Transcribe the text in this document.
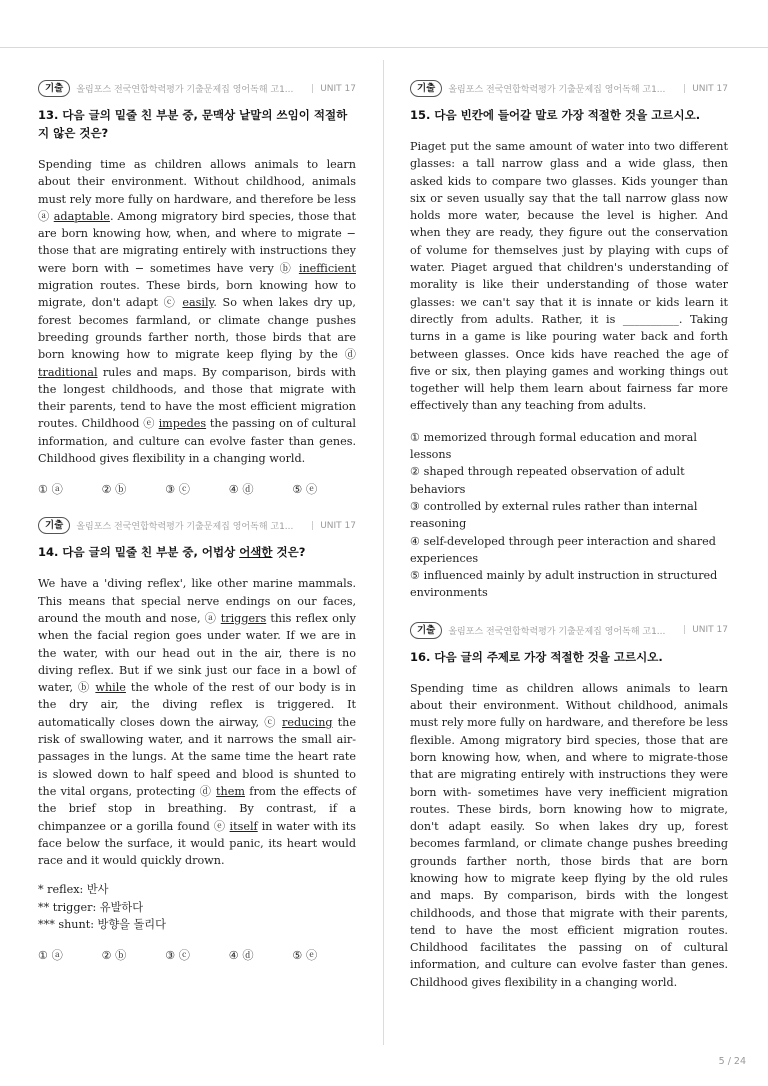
기출	올림포스 전국연합학력평가 기출문제집 영어독해 고1...	| UNIT 17
13. 다음 글의 밑줄 친 부분 중, 문맥상 낱말의 쓰임이 적절하지 않은 것은?

Spending time as children allows animals to learn about their environment. Without childhood, animals must rely more fully on hardware, and therefore be less ⓐ adaptable. Among migratory bird species, those that are born knowing how, when, and where to migrate − those that are migrating entirely with instructions they were born with − sometimes have very ⓑ inefficient migration routes. These birds, born knowing how to migrate, don't adapt ⓒ easily. So when lakes dry up, forest becomes farmland, or climate change pushes breeding grounds farther north, those birds that are born knowing how to migrate keep flying by the ⓓ traditional rules and maps. By comparison, birds with the longest childhoods, and those that migrate with their parents, tend to have the most efficient migration routes. Childhood ⓔ impedes the passing on of cultural information, and culture can evolve faster than genes. Childhood gives flexibility in a changing world.

① ⓐ	② ⓑ	③ ⓒ	④ ⓓ	⑤ ⓔ
기출	올림포스 전국연합학력평가 기출문제집 영어독해 고1...	| UNIT 17
14. 다음 글의 밑줄 친 부분 중, 어법상 어색한 것은?

We have a 'diving reflex', like other marine mammals. This means that special nerve endings on our faces, around the mouth and nose, ⓐ triggers this reflex only when the facial region goes under water. If we are in the water, with our head out in the air, there is no diving reflex. But if we sink just our face in a bowl of water, ⓑ while the whole of the rest of our body is in the dry air, the diving reflex is triggered. It automatically closes down the airway, ⓒ reducing the risk of swallowing water, and it narrows the small air-passages in the lungs. At the same time the heart rate is slowed down to half speed and blood is shunted to the vital organs, protecting ⓓ them from the effects of the brief stop in breathing. By contrast, if a chimpanzee or a gorilla found ⓔ itself in water with its face below the surface, it would panic, its heart would race and it would quickly drown.

* reflex: 반사
** trigger: 유발하다
*** shunt: 방향을 돌리다
① ⓐ	② ⓑ	③ ⓒ	④ ⓓ	⑤ ⓔ
기출	올림포스 전국연합학력평가 기출문제집 영어독해 고1...	| UNIT 17
15. 다음 빈칸에 들어갈 말로 가장 적절한 것을 고르시오.

Piaget put the same amount of water into two different glasses: a tall narrow glass and a wide glass, then asked kids to compare two glasses. Kids younger than six or seven usually say that the tall narrow glass now holds more water, because the level is higher. And when they are ready, they figure out the conservation of volume for themselves just by playing with cups of water. Piaget argued that children's understanding of morality is like their understanding of those water glasses: we can't say that it is innate or kids learn it directly from adults. Rather, it is __________. Taking turns in a game is like pouring water back and forth between glasses. Once kids have reached the age of five or six, then playing games and working things out together will help them learn about fairness far more effectively than any teaching from adults.

① memorized through formal education and moral lessons
② shaped through repeated observation of adult behaviors
③ controlled by external rules rather than internal reasoning
④ self-developed through peer interaction and shared experiences
⑤ influenced mainly by adult instruction in structured environments
기출	올림포스 전국연합학력평가 기출문제집 영어독해 고1...	| UNIT 17
16. 다음 글의 주제로 가장 적절한 것을 고르시오.

Spending time as children allows animals to learn about their environment. Without childhood, animals must rely more fully on hardware, and therefore be less flexible. Among migratory bird species, those that are born knowing how, when, and where to migrate-those that are migrating entirely with instructions they were born with- sometimes have very inefficient migration routes. These birds, born knowing how to migrate, don't adapt easily. So when lakes dry up, forest becomes farmland, or climate change pushes breeding grounds farther north, those birds that are born knowing how to migrate keep flying by the old rules and maps. By comparison, birds with the longest childhoods, and those that migrate with their parents, tend to have the most efficient migration routes. Childhood facilitates the passing on of cultural information, and culture can evolve faster than genes. Childhood gives flexibility in a changing world.

5 / 24
